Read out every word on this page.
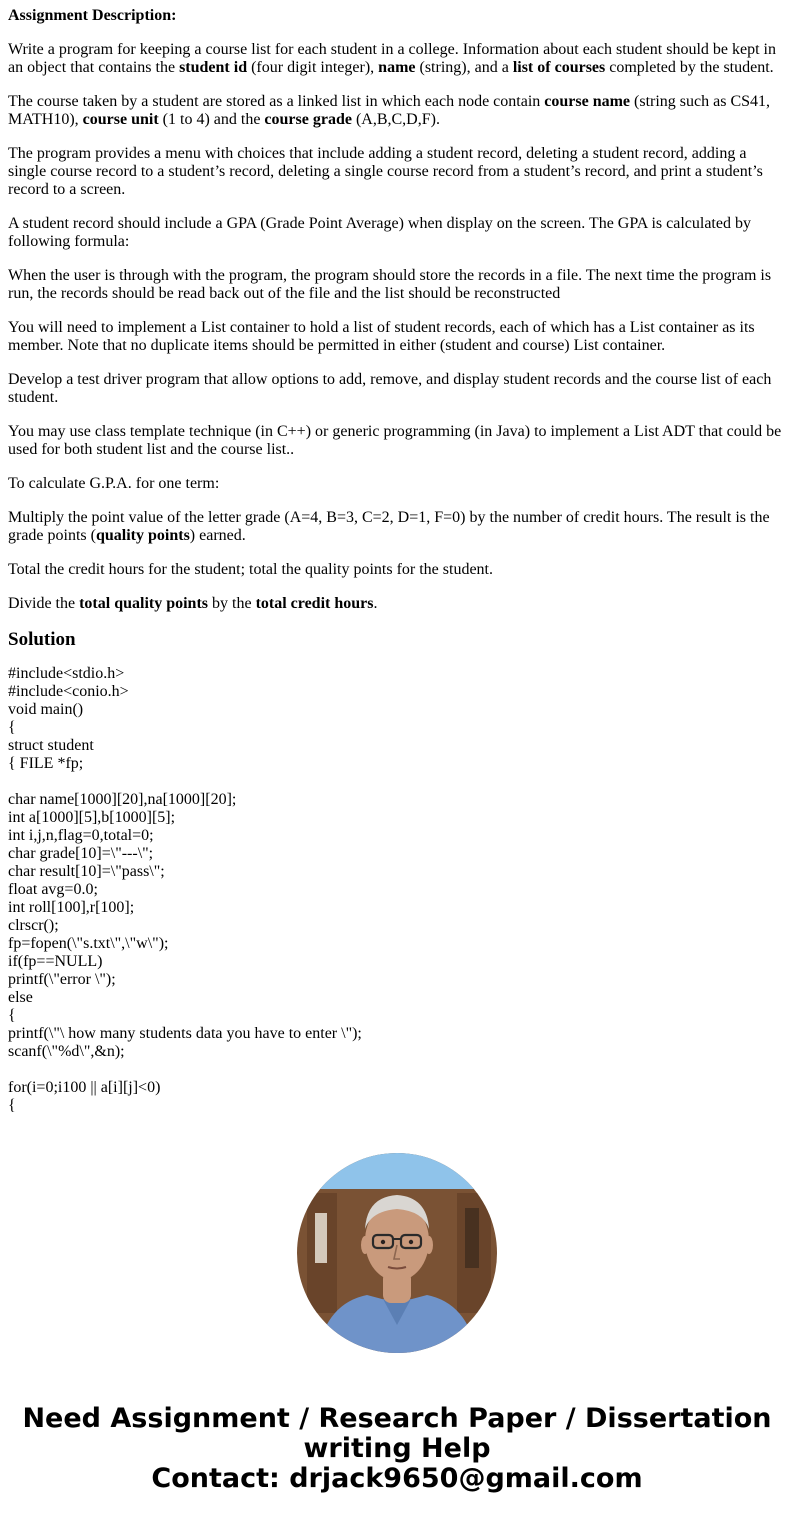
Assignment Description:

Write a program for keeping a course list for each student in a college. Information about each student should be kept in an object that contains the student id (four digit integer), name (string), and a list of courses completed by the student.

The course taken by a student are stored as a linked list in which each node contain course name (string such as CS41, MATH10), course unit (1 to 4) and the course grade (A,B,C,D,F).

The program provides a menu with choices that include adding a student record, deleting a student record, adding a single course record to a student’s record, deleting a single course record from a student’s record, and print a student’s record to a screen.

A student record should include a GPA (Grade Point Average) when display on the screen. The GPA is calculated by following formula:

When the user is through with the program, the program should store the records in a file. The next time the program is run, the records should be read back out of the file and the list should be reconstructed

You will need to implement a List container to hold a list of student records, each of which has a List container as its member. Note that no duplicate items should be permitted in either (student and course) List container.

Develop a test driver program that allow options to add, remove, and display student records and the course list of each student.

You may use class template technique (in C++) or generic programming (in Java) to implement a List ADT that could be used for both student list and the course list..

To calculate G.P.A. for one term:

Multiply the point value of the letter grade (A=4, B=3, C=2, D=1, F=0) by the number of credit hours. The result is the grade points (quality points) earned.

Total the credit hours for the student; total the quality points for the student.

Divide the total quality points by the total credit hours.

Solution
#include<stdio.h>
#include<conio.h>
void main()
{
struct student
{ FILE *fp;

char name[1000][20],na[1000][20];
int a[1000][5],b[1000][5];
int i,j,n,flag=0,total=0;
char grade[10]=\"---\";
char result[10]=\"pass\";
float avg=0.0;
int roll[100],r[100];
clrscr();
fp=fopen(\"s.txt\",\"w\");
if(fp==NULL)
printf(\"error \");
else
{
printf(\"\ how many students data you have to enter \");
scanf(\"%d\",&n);

for(i=0;i100 || a[i][j]<0)
{
Need Assignment / Research Paper / Dissertation
writing Help
Contact: drjack9650@gmail.com
